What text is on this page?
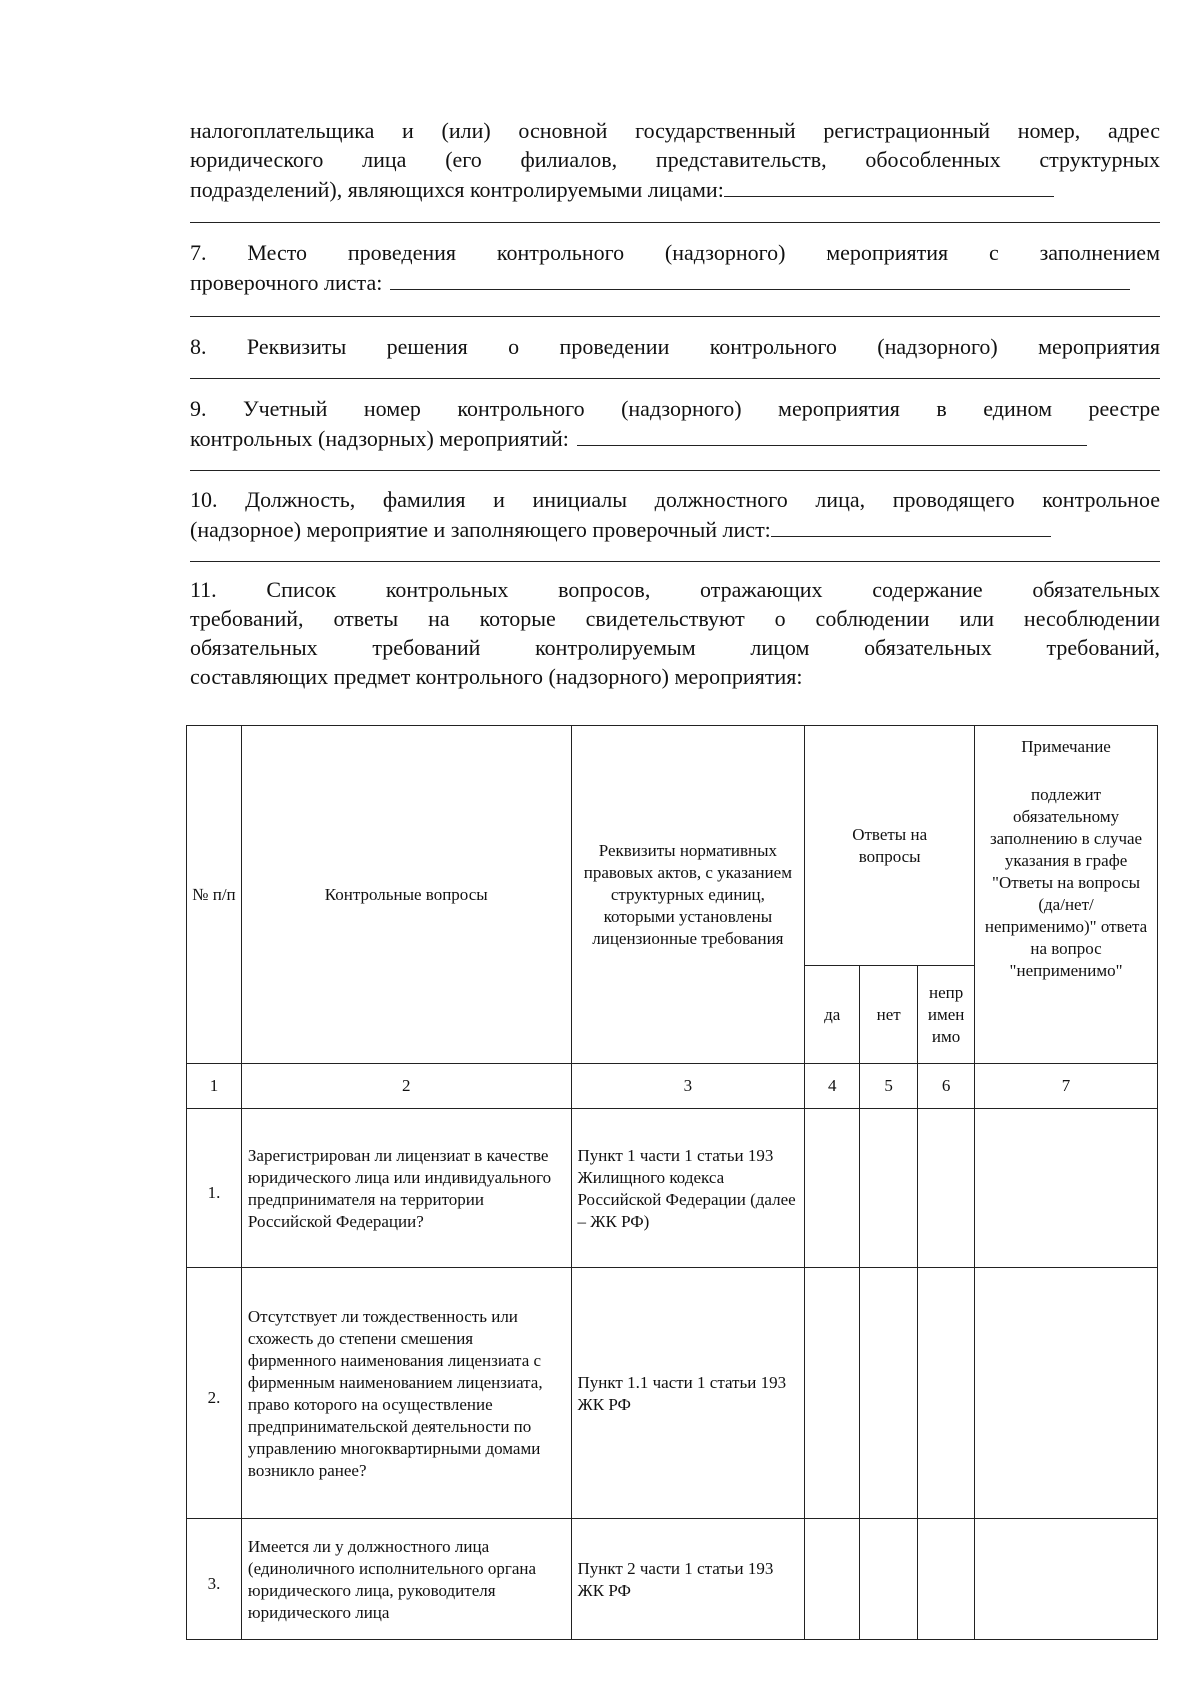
налогоплательщика и (или) основной государственный регистрационный номер, адрес
юридического лица (его филиалов, представительств, обособленных структурных
подразделений), являющихся контролируемыми лицами:
7. Место проведения контрольного (надзорного) мероприятия с заполнением
проверочного листа:
8. Реквизиты решения о проведении контрольного (надзорного) мероприятия
9. Учетный номер контрольного (надзорного) мероприятия в едином реестре
контрольных (надзорных) мероприятий:
10. Должность, фамилия и инициалы должностного лица, проводящего контрольное
(надзорное) мероприятие и заполняющего проверочный лист:
11. Список контрольных вопросов, отражающих содержание обязательных
требований, ответы на которые свидетельствуют о соблюдении или несоблюдении
обязательных требований контролируемым лицом обязательных требований,
составляющих предмет контрольного (надзорного) мероприятия:
№ п/п	Контрольные вопросы	Реквизиты нормативных правовых актов, с указанием структурных единиц, которыми установлены лицензионные требования	Ответы на вопросы			Примечание
подлежит обязательному заполнению в случае указания в графе "Ответы на вопросы (да/нет/неприменимо)" ответа на вопрос "неприменимо"

			да	нет	непр имен имо	
1	2	3	4	5	6	7
1.	Зарегистрирован ли лицензиат в качестве юридического лица или индивидуального предпринимателя на территории Российской Федерации?	Пункт 1 части 1 статьи 193 Жилищного кодекса Российской Федерации (далее – ЖК РФ)				
2.	Отсутствует ли тождественность или схожесть до степени смешения фирменного наименования лицензиата с фирменным наименованием лицензиата, право которого на осуществление предпринимательской деятельности по управлению многоквартирными домами возникло ранее?	Пункт 1.1 части 1 статьи 193 ЖК РФ				
3.	Имеется ли у должностного лица (единоличного исполнительного органа юридического лица, руководителя юридического лица	Пункт 2 части 1 статьи 193 ЖК РФ				
